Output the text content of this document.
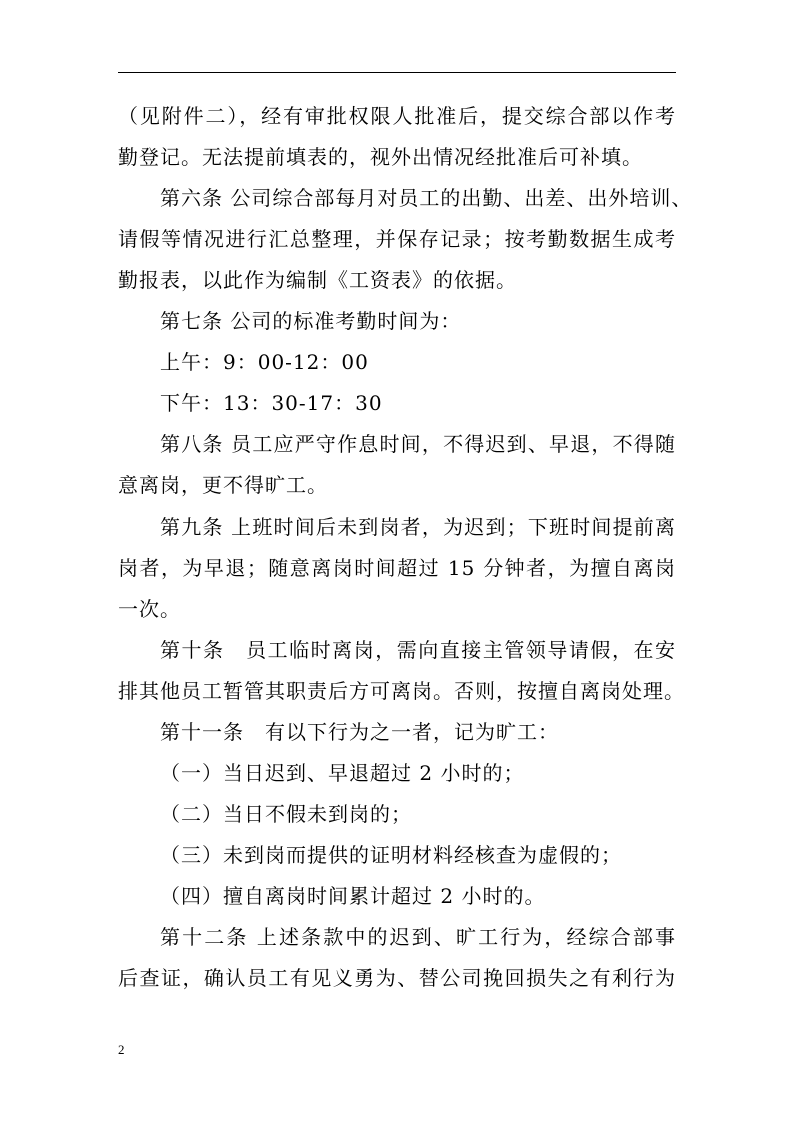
（见附件二），经有审批权限人批准后，提交综合部以作考
勤登记。无法提前填表的，视外出情况经批准后可补填。
第六条 公司综合部每月对员工的出勤、出差、出外培训、
请假等情况进行汇总整理，并保存记录；按考勤数据生成考
勤报表，以此作为编制《工资表》的依据。
第七条 公司的标准考勤时间为：
上午：9：00-12：00
下午：13：30-17：30
第八条 员工应严守作息时间，不得迟到、早退，不得随
意离岗，更不得旷工。
第九条 上班时间后未到岗者，为迟到；下班时间提前离
岗者，为早退；随意离岗时间超过 15 分钟者，为擅自离岗
一次。
第十条　员工临时离岗，需向直接主管领导请假，在安
排其他员工暂管其职责后方可离岗。否则，按擅自离岗处理。
第十一条　有以下行为之一者，记为旷工：
（一）当日迟到、早退超过 2 小时的；
（二）当日不假未到岗的；
（三）未到岗而提供的证明材料经核查为虚假的；
（四）擅自离岗时间累计超过 2 小时的。
第十二条 上述条款中的迟到、旷工行为，经综合部事
后查证，确认员工有见义勇为、替公司挽回损失之有利行为
2
